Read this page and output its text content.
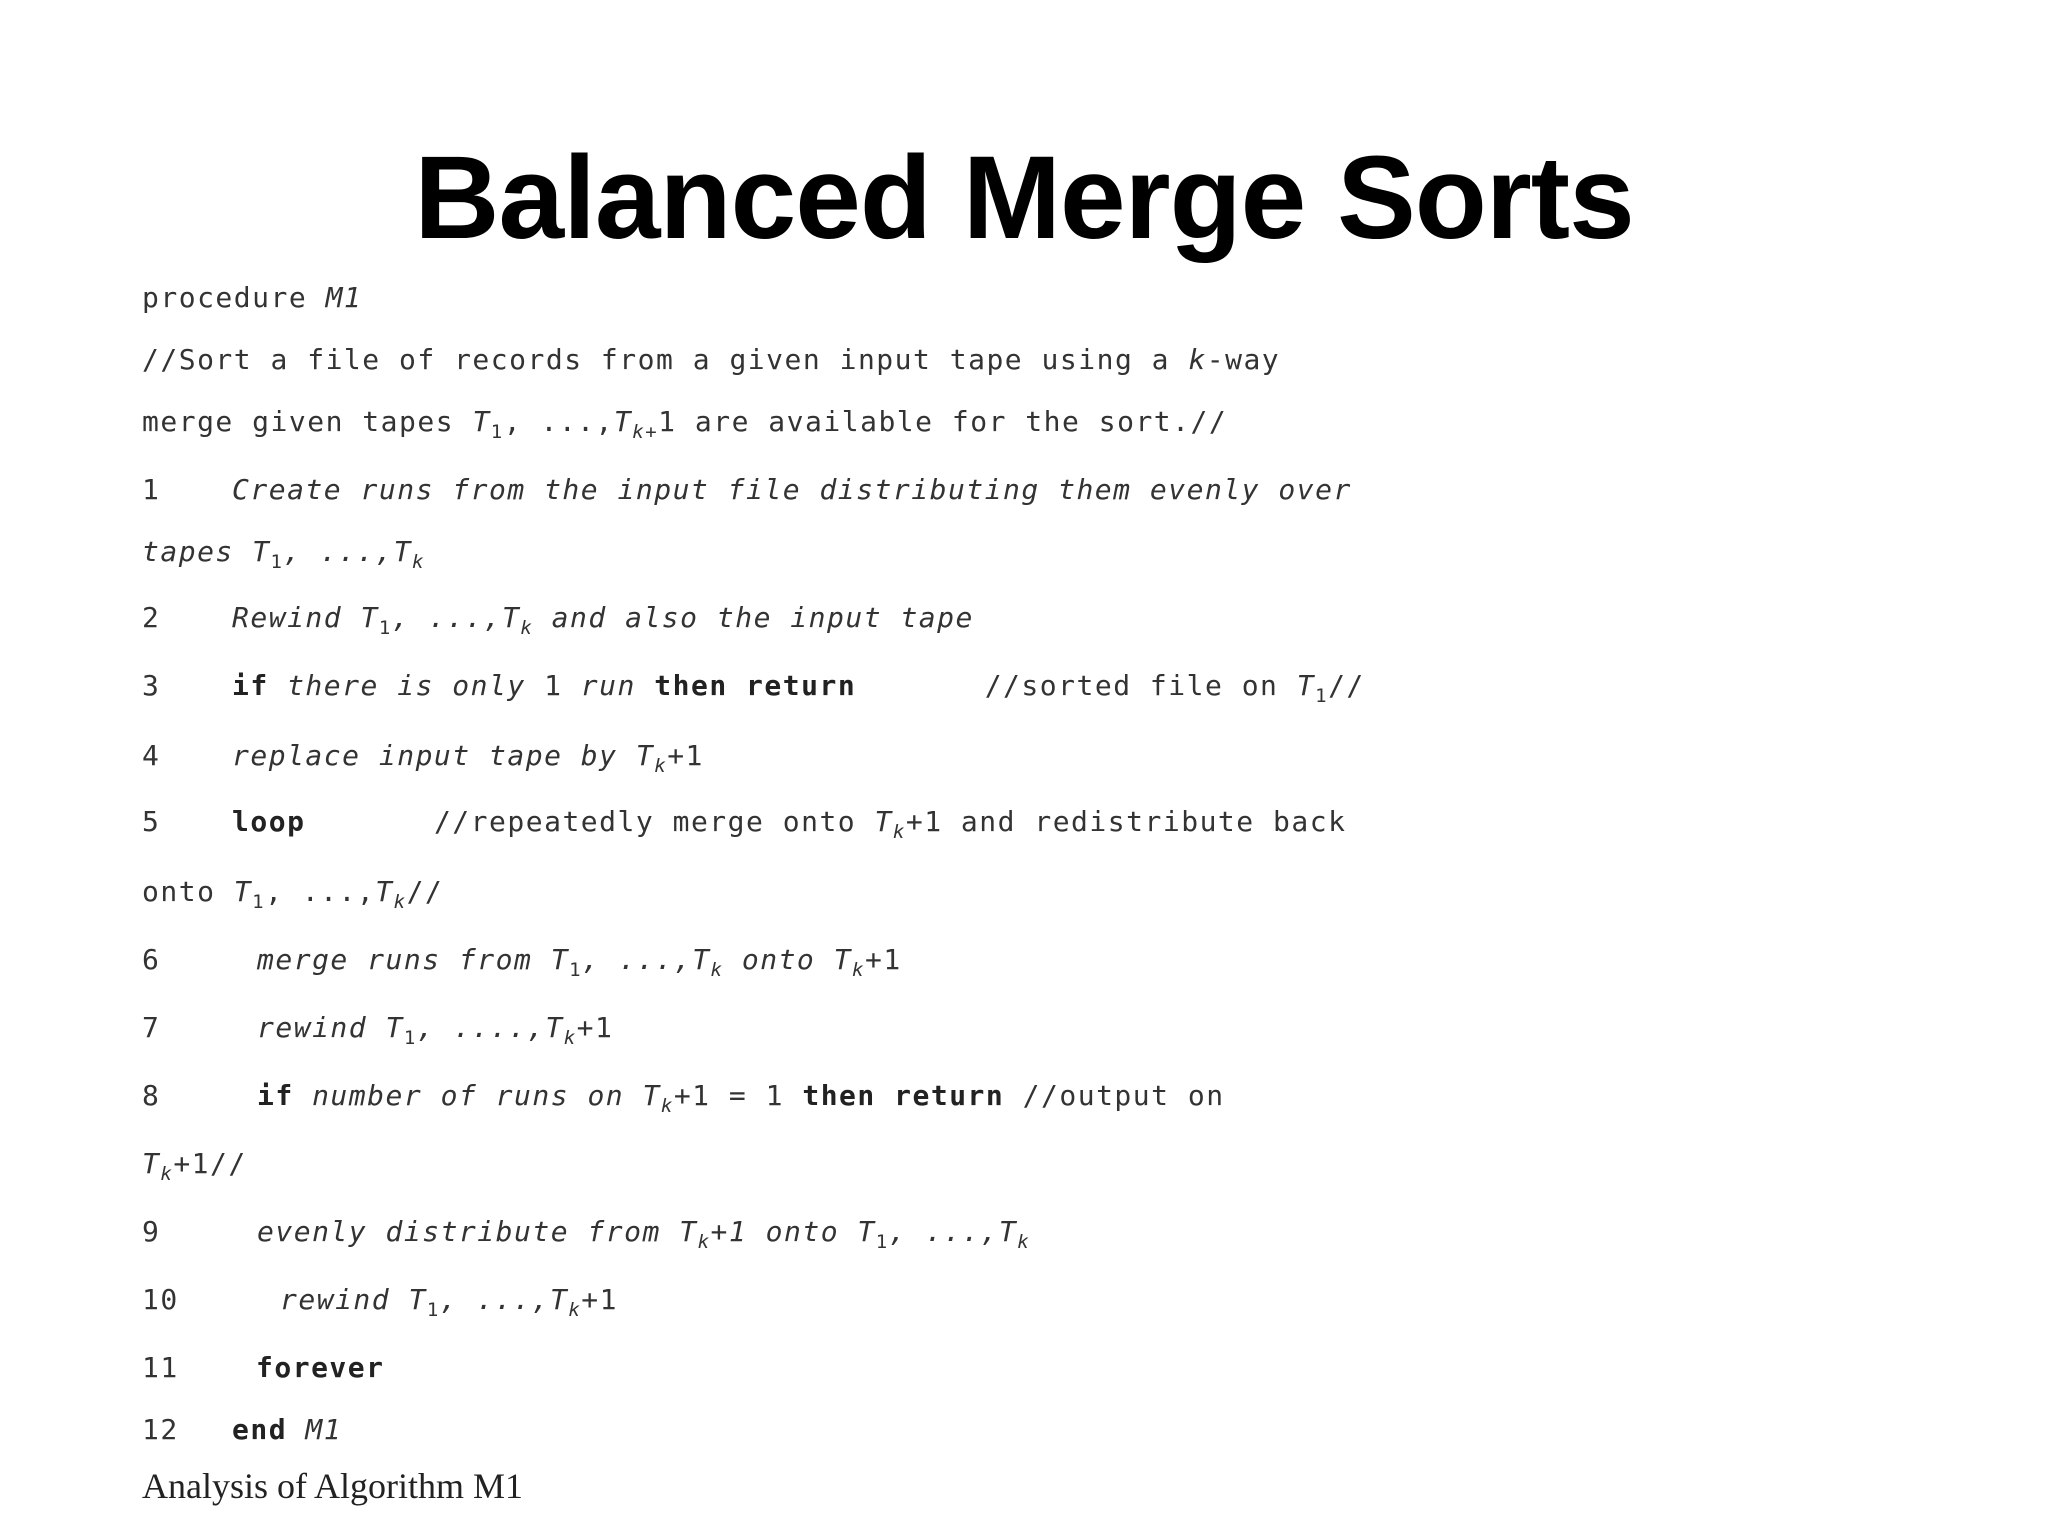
Balanced Merge Sorts
procedure M1
//Sort a file of records from a given input tape using a k-way
merge given tapes $T_1$, $...,T_{k+}1$ are available for the sort.//
1	Create runs from the input file distributing them evenly over
tapes $T_1$, $...,T_k$
2	Rewind $T_1$, $...,T_k$ and also the input tape
3	if there is only 1 run then return       //sorted file on $T_1//$
4	replace input tape by $T_k+1$
5	loop       //repeatedly merge onto $T_k+1$ and redistribute back
onto $T_1$, $...,T_k//$
6	merge runs from $T_1$, $...,T_k$ onto $T_k+1$
7	rewind $T_1$, $....,T_k+1$
8	if number of runs on $T_k+1 = 1$ then return //output on
$T_k+1//$
9	evenly distribute from $T_k+1$ onto $T_1$, $...,T_k$
10	rewind $T_1$, $...,T_k+1$
11	forever
12 end M1
Analysis of Algorithm M1
